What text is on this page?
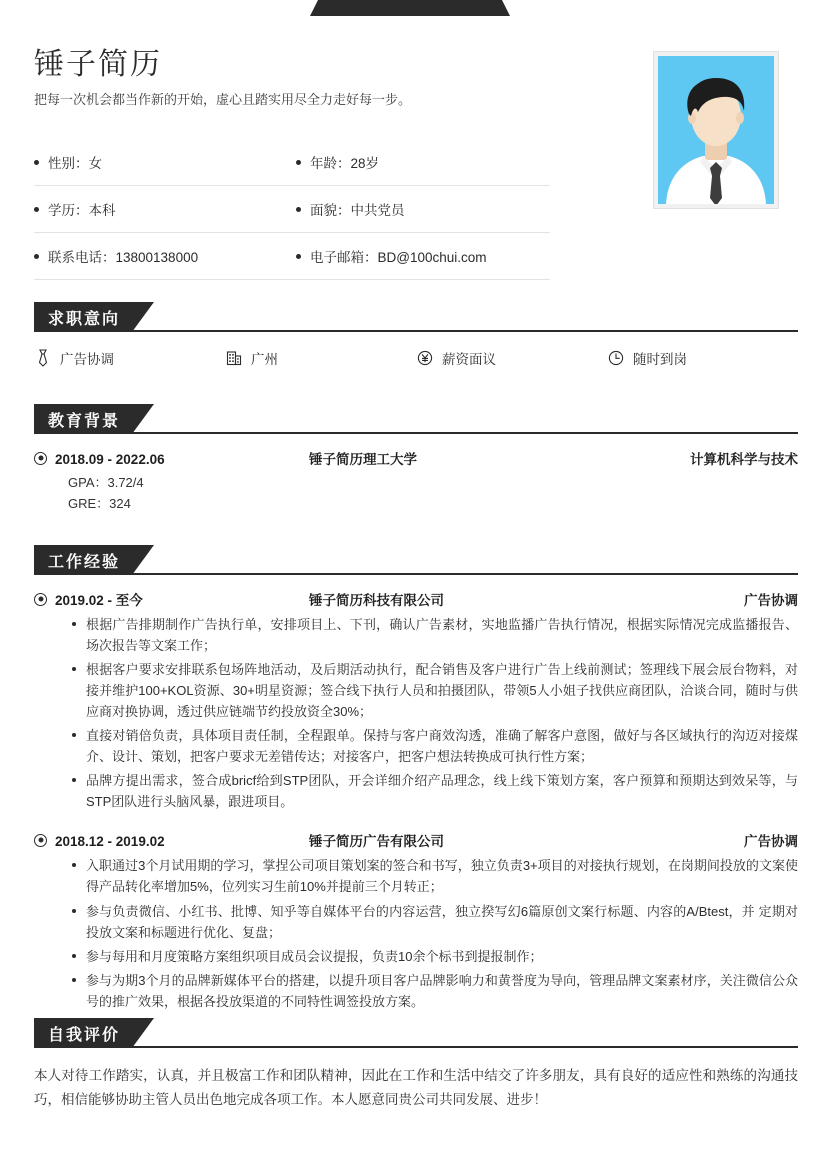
锤子简历

把每一次机会都当作新的开始，虚心且踏实用尽全力走好每一步。

性别：女	年龄：28岁
学历：本科	面貌：中共党员
联系电话：13800138000	电子邮箱：BD@100chui.com
求职意向
广告协调	广州	薪资面议	随时到岗
教育背景
2018.09 - 2022.06	锤子简历理工大学	计算机科学与技术
GPA：3.72/4
GRE：324
工作经验
2019.02 - 至今	锤子简历科技有限公司	广告协调
根据广告排期制作广告执行单，安排项目上、下刊，确认广告素材，实地监播广告执行情况，根据实际情况完成监播报告、场次报告等文案工作；
根据客户要求安排联系包场阵地活动，及后期活动执行，配合销售及客户进行广告上线前测试；签理线下展会辰台物料，对接并维护100+KOL资源、30+明星资源；签合线下执行人员和拍摄团队，带领5人小姐子找供应商团队，洽谈合同，随时与供应商对换协调，透过供应链端节约投放资全30%；
直接对销倍负责，具体项目责任制，全程跟单。保持与客户商效沟透，准确了解客户意图，做好与各区域执行的沟迈对接煤介、设计、策划，把客户要求无差错传达；对接客户，把客户想法转换成可执行性方案；
品牌方提出需求，签合成bricf给到STP团队，开会详细介绍产品理念，线上线下策划方案，客户预算和预期达到效呆等，与STP团队进行头脑风暴，跟进项目。
2018.12 - 2019.02	锤子简历广告有限公司	广告协调
入职通过3个月试用期的学习，掌捏公司项目策划案的签合和书写，独立负责3+项目的对接执行规划，在岗期间投放的文案使得产品转化率增加5%，位列实习生前10%并提前三个月转正；
参与负责微信、小红书、批博、知乎等自媒体平台的内容运营，独立揆写幻6篇原创文案行标题、内容的A/Btest，并 定期对投放文案和标题进行优化、复盘；
参与每用和月度策略方案组织项目成员会议提报，负责10余个标书到提报制作；
参与为期3个月的品牌新媒体平台的搭建，以提升项目客户品牌影响力和黄誉度为导向，管理品牌文案素材序，关注微信公众号的推广效果，根据各投放渠道的不同特性调签投放方案。
自我评价
本人对待工作踏实，认真，并且极富工作和团队精神，因此在工作和生活中结交了许多朋友，具有良好的适应性和熟练的沟通技巧，相信能够协助主管人员出色地完成各项工作。本人愿意同贵公司共同发展、进步！
